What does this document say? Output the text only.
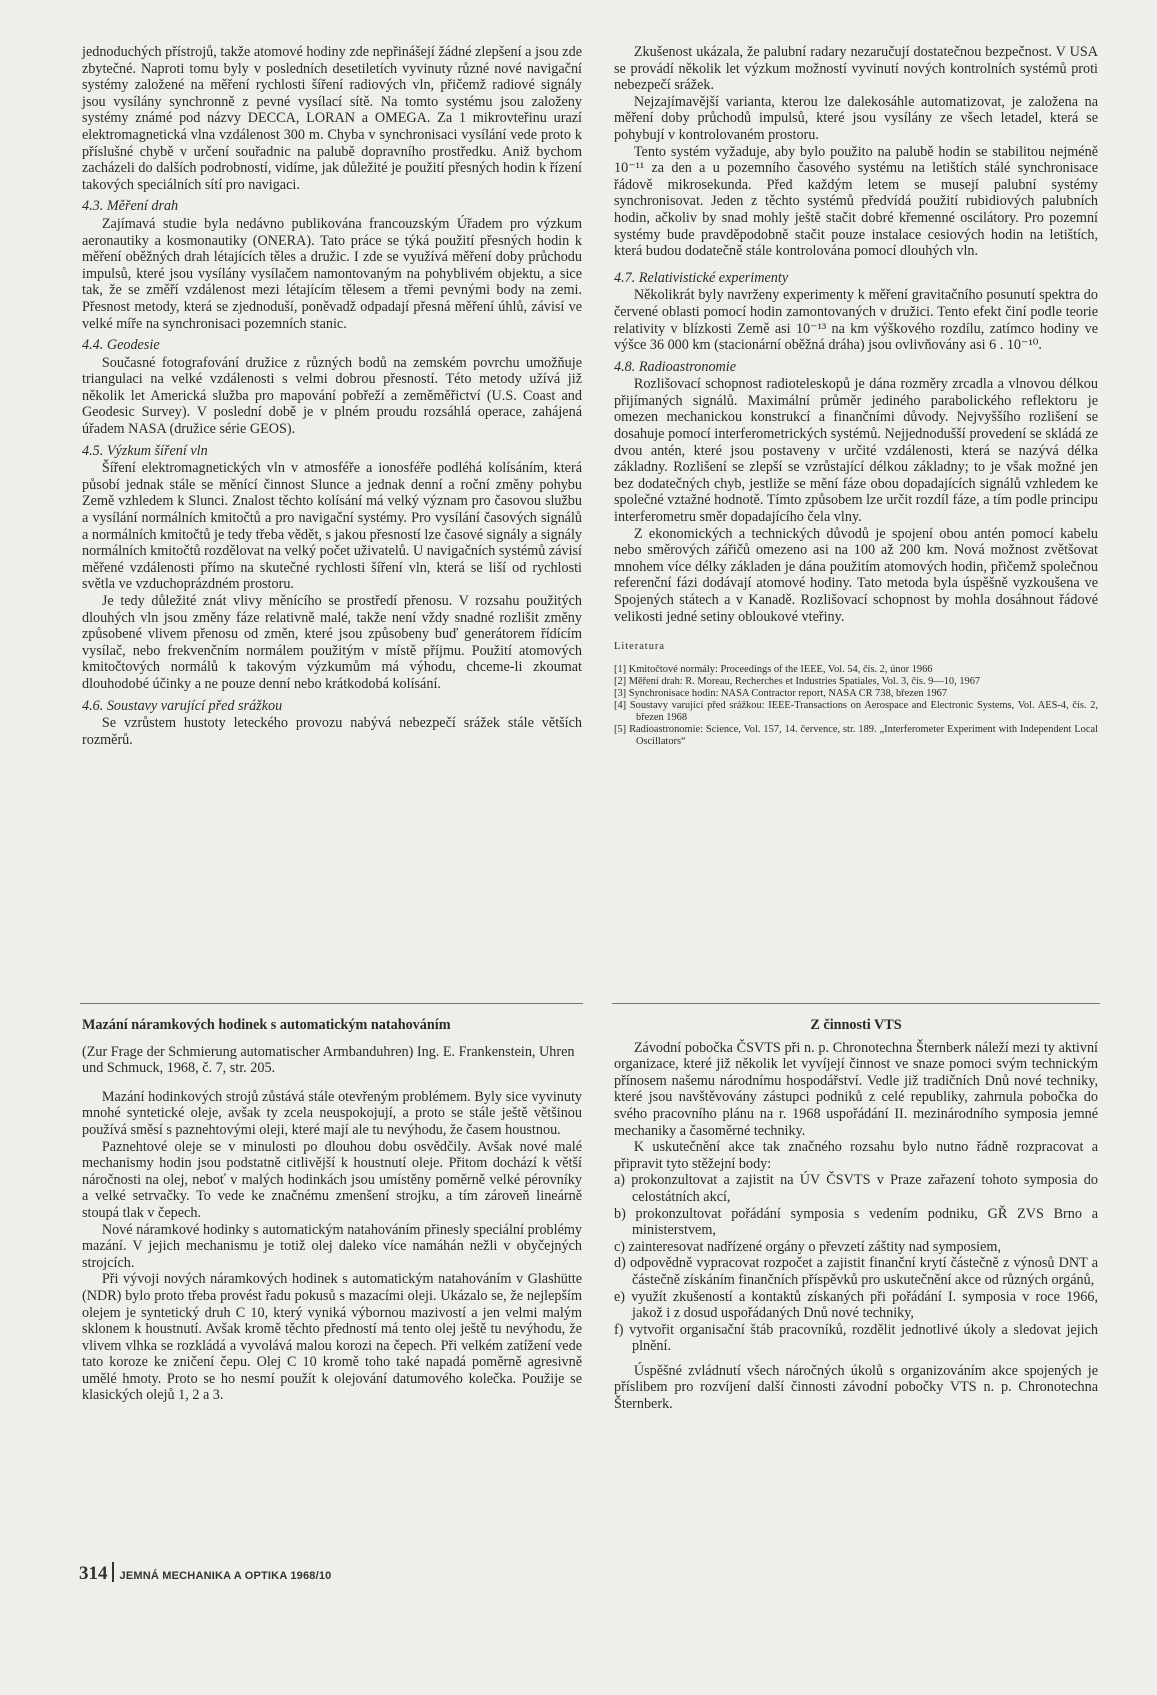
jednoduchých přístrojů, takže atomové hodiny zde nepřinášejí žádné zlepšení a jsou zde zbytečné. Naproti tomu byly v posledních desetiletích vyvinuty různé nové navigační systémy založené na měření rychlosti šíření radiových vln, přičemž radiové signály jsou vysílány synchronně z pevné vysílací sítě. Na tomto systému jsou založeny systémy známé pod názvy DECCA, LORAN a OMEGA. Za 1 mikrovteřinu urazí elektromagnetická vlna vzdálenost 300 m. Chyba v synchronisaci vysílání vede proto k příslušné chybě v určení souřadnic na palubě dopravního prostředku. Aniž bychom zacházeli do dalších podrobností, vidíme, jak důležité je použití přesných hodin k řízení takových speciálních sítí pro navigaci.

4.3. Měření drah

Zajímavá studie byla nedávno publikována francouzským Úřadem pro výzkum aeronautiky a kosmonautiky (ONERA). Tato práce se týká použití přesných hodin k měření oběžných drah létajících těles a družic. I zde se využívá měření doby průchodu impulsů, které jsou vysílány vysílačem namontovaným na pohyblivém objektu, a sice tak, že se změří vzdálenost mezi létajícím tělesem a třemi pevnými body na zemi. Přesnost metody, která se zjednoduší, poněvadž odpadají přesná měření úhlů, závisí ve velké míře na synchronisaci pozemních stanic.

4.4. Geodesie

Současné fotografování družice z různých bodů na zemském povrchu umožňuje triangulaci na velké vzdálenosti s velmi dobrou přesností. Této metody užívá již několik let Americká služba pro mapování pobřeží a zeměměřictví (U.S. Coast and Geodesic Survey). V poslední době je v plném proudu rozsáhlá operace, zahájená úřadem NASA (družice série GEOS).

4.5. Výzkum šíření vln

Šíření elektromagnetických vln v atmosféře a ionosféře podléhá kolísáním, která působí jednak stále se měnící činnost Slunce a jednak denní a roční změny pohybu Země vzhledem k Slunci. Znalost těchto kolísání má velký význam pro časovou službu a vysílání normálních kmitočtů a pro navigační systémy. Pro vysílání časových signálů a normálních kmitočtů je tedy třeba vědět, s jakou přesností lze časové signály a signály normálních kmitočtů rozdělovat na velký počet uživatelů. U navigačních systémů závisí měřené vzdálenosti přímo na skutečné rychlosti šíření vln, která se liší od rychlosti světla ve vzduchoprázdném prostoru.

Je tedy důležité znát vlivy měnícího se prostředí přenosu. V rozsahu použitých dlouhých vln jsou změny fáze relativně malé, takže není vždy snadné rozlišit změny způsobené vlivem přenosu od změn, které jsou způsobeny buď generátorem řídícím vysílač, nebo frekvenčním normálem použitým v místě příjmu. Použití atomových kmitočtových normálů k takovým výzkumům má výhodu, chceme-li zkoumat dlouhodobé účinky a ne pouze denní nebo krátkodobá kolísání.

4.6. Soustavy varující před srážkou

Se vzrůstem hustoty leteckého provozu nabývá nebezpečí srážek stále větších rozměrů.

Zkušenost ukázala, že palubní radary nezaručují dostatečnou bezpečnost. V USA se provádí několik let výzkum možností vyvinutí nových kontrolních systémů proti nebezpečí srážek.

Nejzajímavější varianta, kterou lze dalekosáhle automatizovat, je založena na měření doby průchodů impulsů, které jsou vysílány ze všech letadel, která se pohybují v kontrolovaném prostoru.

Tento systém vyžaduje, aby bylo použito na palubě hodin se stabilitou nejméně 10⁻¹¹ za den a u pozemního časového systému na letištích stálé synchronisace řádově mikrosekunda. Před každým letem se musejí palubní systémy synchronisovat. Jeden z těchto systémů předvídá použití rubidiových palubních hodin, ačkoliv by snad mohly ještě stačit dobré křemenné oscilátory. Pro pozemní systémy bude pravděpodobně stačit pouze instalace cesiových hodin na letištích, která budou dodatečně stále kontrolována pomocí dlouhých vln.

4.7. Relativistické experimenty

Několikrát byly navrženy experimenty k měření gravitačního posunutí spektra do červené oblasti pomocí hodin zamontovaných v družici. Tento efekt činí podle teorie relativity v blízkosti Země asi 10⁻¹³ na km výškového rozdílu, zatímco hodiny ve výšce 36 000 km (stacionární oběžná dráha) jsou ovlivňovány asi 6 . 10⁻¹⁰.

4.8. Radioastronomie

Rozlišovací schopnost radioteleskopů je dána rozměry zrcadla a vlnovou délkou přijímaných signálů. Maximální průměr jediného parabolického reflektoru je omezen mechanickou konstrukcí a finančními důvody. Nejvyššího rozlišení se dosahuje pomocí interferometrických systémů. Nejjednodušší provedení se skládá ze dvou antén, které jsou postaveny v určité vzdálenosti, která se nazývá délka základny. Rozlišení se zlepší se vzrůstající délkou základny; to je však možné jen bez dodatečných chyb, jestliže se mění fáze obou dopadajících signálů vzhledem ke společné vztažné hodnotě. Tímto způsobem lze určit rozdíl fáze, a tím podle principu interferometru směr dopadajícího čela vlny.

Z ekonomických a technických důvodů je spojení obou antén pomocí kabelu nebo směrových zářičů omezeno asi na 100 až 200 km. Nová možnost zvětšovat mnohem více délky základen je dána použitím atomových hodin, přičemž společnou referenční fázi dodávají atomové hodiny. Tato metoda byla úspěšně vyzkoušena ve Spojených státech a v Kanadě. Rozlišovací schopnost by mohla dosáhnout řádové velikosti jedné setiny obloukové vteřiny.

Literatura
[1] Kmitočtové normály: Proceedings of the IEEE, Vol. 54, čís. 2, únor 1966
[2] Měření drah: R. Moreau, Recherches et Industries Spatiales, Vol. 3, čís. 9—10, 1967
[3] Synchronisace hodin: NASA Contractor report, NASA CR 738, březen 1967
[4] Soustavy varující před srážkou: IEEE-Transactions on Aerospace and Electronic Systems, Vol. AES-4, čís. 2, březen 1968
[5] Radioastronomie: Science, Vol. 157, 14. července, str. 189. „Interferometer Experiment with Independent Local Oscillators“
Mazání náramkových hodinek s automatickým natahováním

(Zur Frage der Schmierung automatischer Armbanduhren) Ing. E. Frankenstein, Uhren und Schmuck, 1968, č. 7, str. 205.

Mazání hodinkových strojů zůstává stále otevřeným problémem. Byly sice vyvinuty mnohé syntetické oleje, avšak ty zcela neuspokojují, a proto se stále ještě většinou používá směsí s paznehtovými oleji, které mají ale tu nevýhodu, že časem houstnou.

Paznehtové oleje se v minulosti po dlouhou dobu osvědčily. Avšak nové malé mechanismy hodin jsou podstatně citlivější k houstnutí oleje. Přitom dochází k větší náročnosti na olej, neboť v malých hodinkách jsou umístěny poměrně velké pérovníky a velké setrvačky. To vede ke značnému zmenšení strojku, a tím zároveň lineárně stoupá tlak v čepech.

Nové náramkové hodinky s automatickým natahováním přinesly speciální problémy mazání. V jejich mechanismu je totiž olej daleko více namáhán nežli v obyčejných strojcích.

Při vývoji nových náramkových hodinek s automatickým natahováním v Glashütte (NDR) bylo proto třeba provést řadu pokusů s mazacími oleji. Ukázalo se, že nejlepším olejem je syntetický druh C 10, který vyniká výbornou mazivostí a jen velmi malým sklonem k houstnutí. Avšak kromě těchto předností má tento olej ještě tu nevýhodu, že vlivem vlhka se rozkládá a vyvolává malou korozi na čepech. Při velkém zatížení vede tato koroze ke zničení čepu. Olej C 10 kromě toho také napadá poměrně agresivně umělé hmoty. Proto se ho nesmí použít k olejování datumového kolečka. Použije se klasických olejů 1, 2 a 3.

Z činnosti VTS

Závodní pobočka ČSVTS při n. p. Chronotechna Šternberk náleží mezi ty aktivní organizace, které již několik let vyvíjejí činnost ve snaze pomoci svým technickým přínosem našemu národnímu hospodářství. Vedle již tradičních Dnů nové techniky, které jsou navštěvovány zástupci podniků z celé republiky, zahrnula pobočka do svého pracovního plánu na r. 1968 uspořádání II. mezinárodního symposia jemné mechaniky a časoměrné techniky.

K uskutečnění akce tak značného rozsahu bylo nutno řádně rozpracovat a připravit tyto stěžejní body:

a) prokonzultovat a zajistit na ÚV ČSVTS v Praze zařazení tohoto symposia do celostátních akcí,
b) prokonzultovat pořádání symposia s vedením podniku, GŘ ZVS Brno a ministerstvem,
c) zainteresovat nadřízené orgány o převzetí záštity nad symposiem,
d) odpovědně vypracovat rozpočet a zajistit finanční krytí částečně z výnosů DNT a částečně získáním finančních příspěvků pro uskutečnění akce od různých orgánů,
e) využít zkušeností a kontaktů získaných při pořádání I. symposia v roce 1966, jakož i z dosud uspořádaných Dnů nové techniky,
f) vytvořit organisační štáb pracovníků, rozdělit jednotlivé úkoly a sledovat jejich plnění.

Úspěšné zvládnutí všech náročných úkolů s organizováním akce spojených je příslibem pro rozvíjení další činnosti závodní pobočky VTS n. p. Chronotechna Šternberk.

314 JEMNÁ MECHANIKA A OPTIKA 1968/10
